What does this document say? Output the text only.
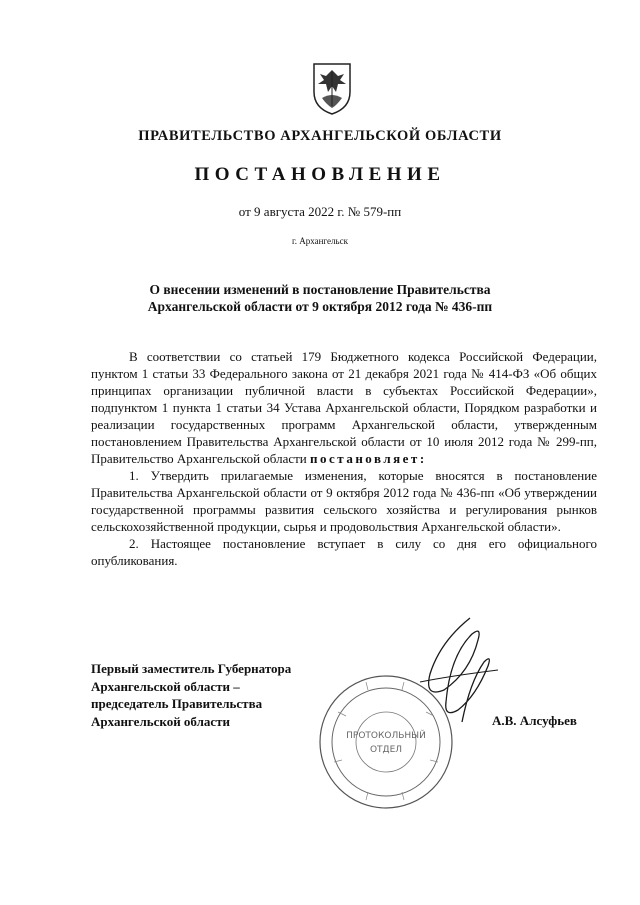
ПРАВИТЕЛЬСТВО АРХАНГЕЛЬСКОЙ ОБЛАСТИ
ПОСТАНОВЛЕНИЕ
от 9 августа 2022 г. № 579-пп
г. Архангельск
О внесении изменений в постановление Правительства
Архангельской области от 9 октября 2012 года № 436-пп

В соответствии со статьей 179 Бюджетного кодекса Российской Федерации, пунктом 1 статьи 33 Федерального закона от 21 декабря 2021 года № 414-ФЗ «Об общих принципах организации публичной власти в субъектах Российской Федерации», подпунктом 1 пункта 1 статьи 34 Устава Архангельской области, Порядком разработки и реализации государственных программ Архангельской области, утвержденным постановлением Правительства Архангельской области от 10 июля 2012 года № 299-пп, Правительство Архангельской области постановляет:

1. Утвердить прилагаемые изменения, которые вносятся в постановление Правительства Архангельской области от 9 октября 2012 года № 436-пп «Об утверждении государственной программы развития сельского хозяйства и регулирования рынков сельскохозяйственной продукции, сырья и продовольствия Архангельской области».

2. Настоящее постановление вступает в силу со дня его официального опубликования.

ПРОТОКОЛЬНЫЙ
ОТДЕЛ
Первый заместитель Губернатора
Архангельской области –
председатель Правительства
Архангельской области	А.В. Алсуфьев
